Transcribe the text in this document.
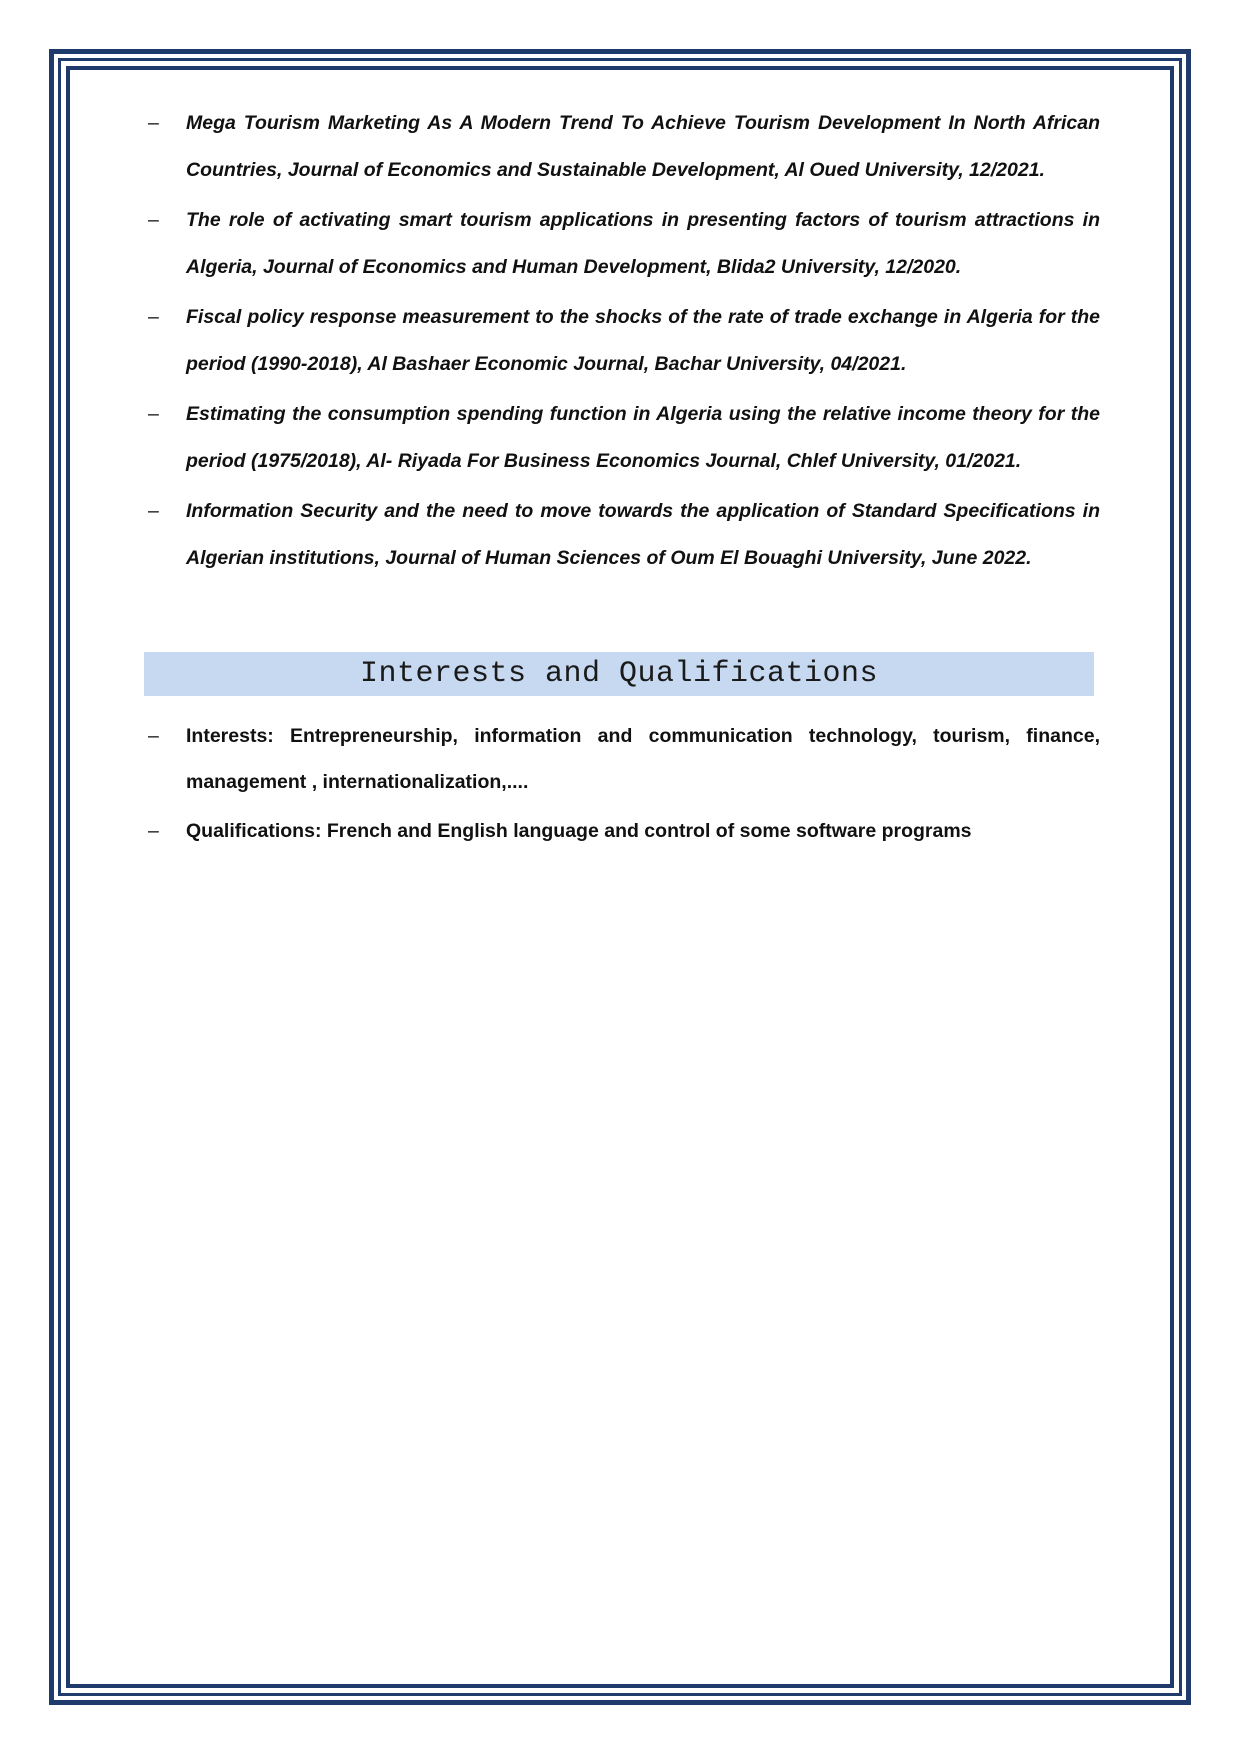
– Mega Tourism Marketing As A Modern Trend To Achieve Tourism Development In North African Countries, Journal of Economics and Sustainable Development, Al Oued University, 12/2021.
– The role of activating smart tourism applications in presenting factors of tourism attractions in Algeria, Journal of Economics and Human Development, Blida2 University, 12/2020.
– Fiscal policy response measurement to the shocks of the rate of trade exchange in Algeria for the period (1990-2018), Al Bashaer Economic Journal, Bachar University, 04/2021.
– Estimating the consumption spending function in Algeria using the relative income theory for the period (1975/2018), Al- Riyada For Business Economics Journal, Chlef University, 01/2021.
– Information Security and the need to move towards the application of Standard Specifications in Algerian institutions, Journal of Human Sciences of Oum El Bouaghi University, June 2022.
Interests and Qualifications
– Interests: Entrepreneurship, information and communication technology, tourism, finance, management , internationalization,....
– Qualifications: French and English language and control of some software programs
